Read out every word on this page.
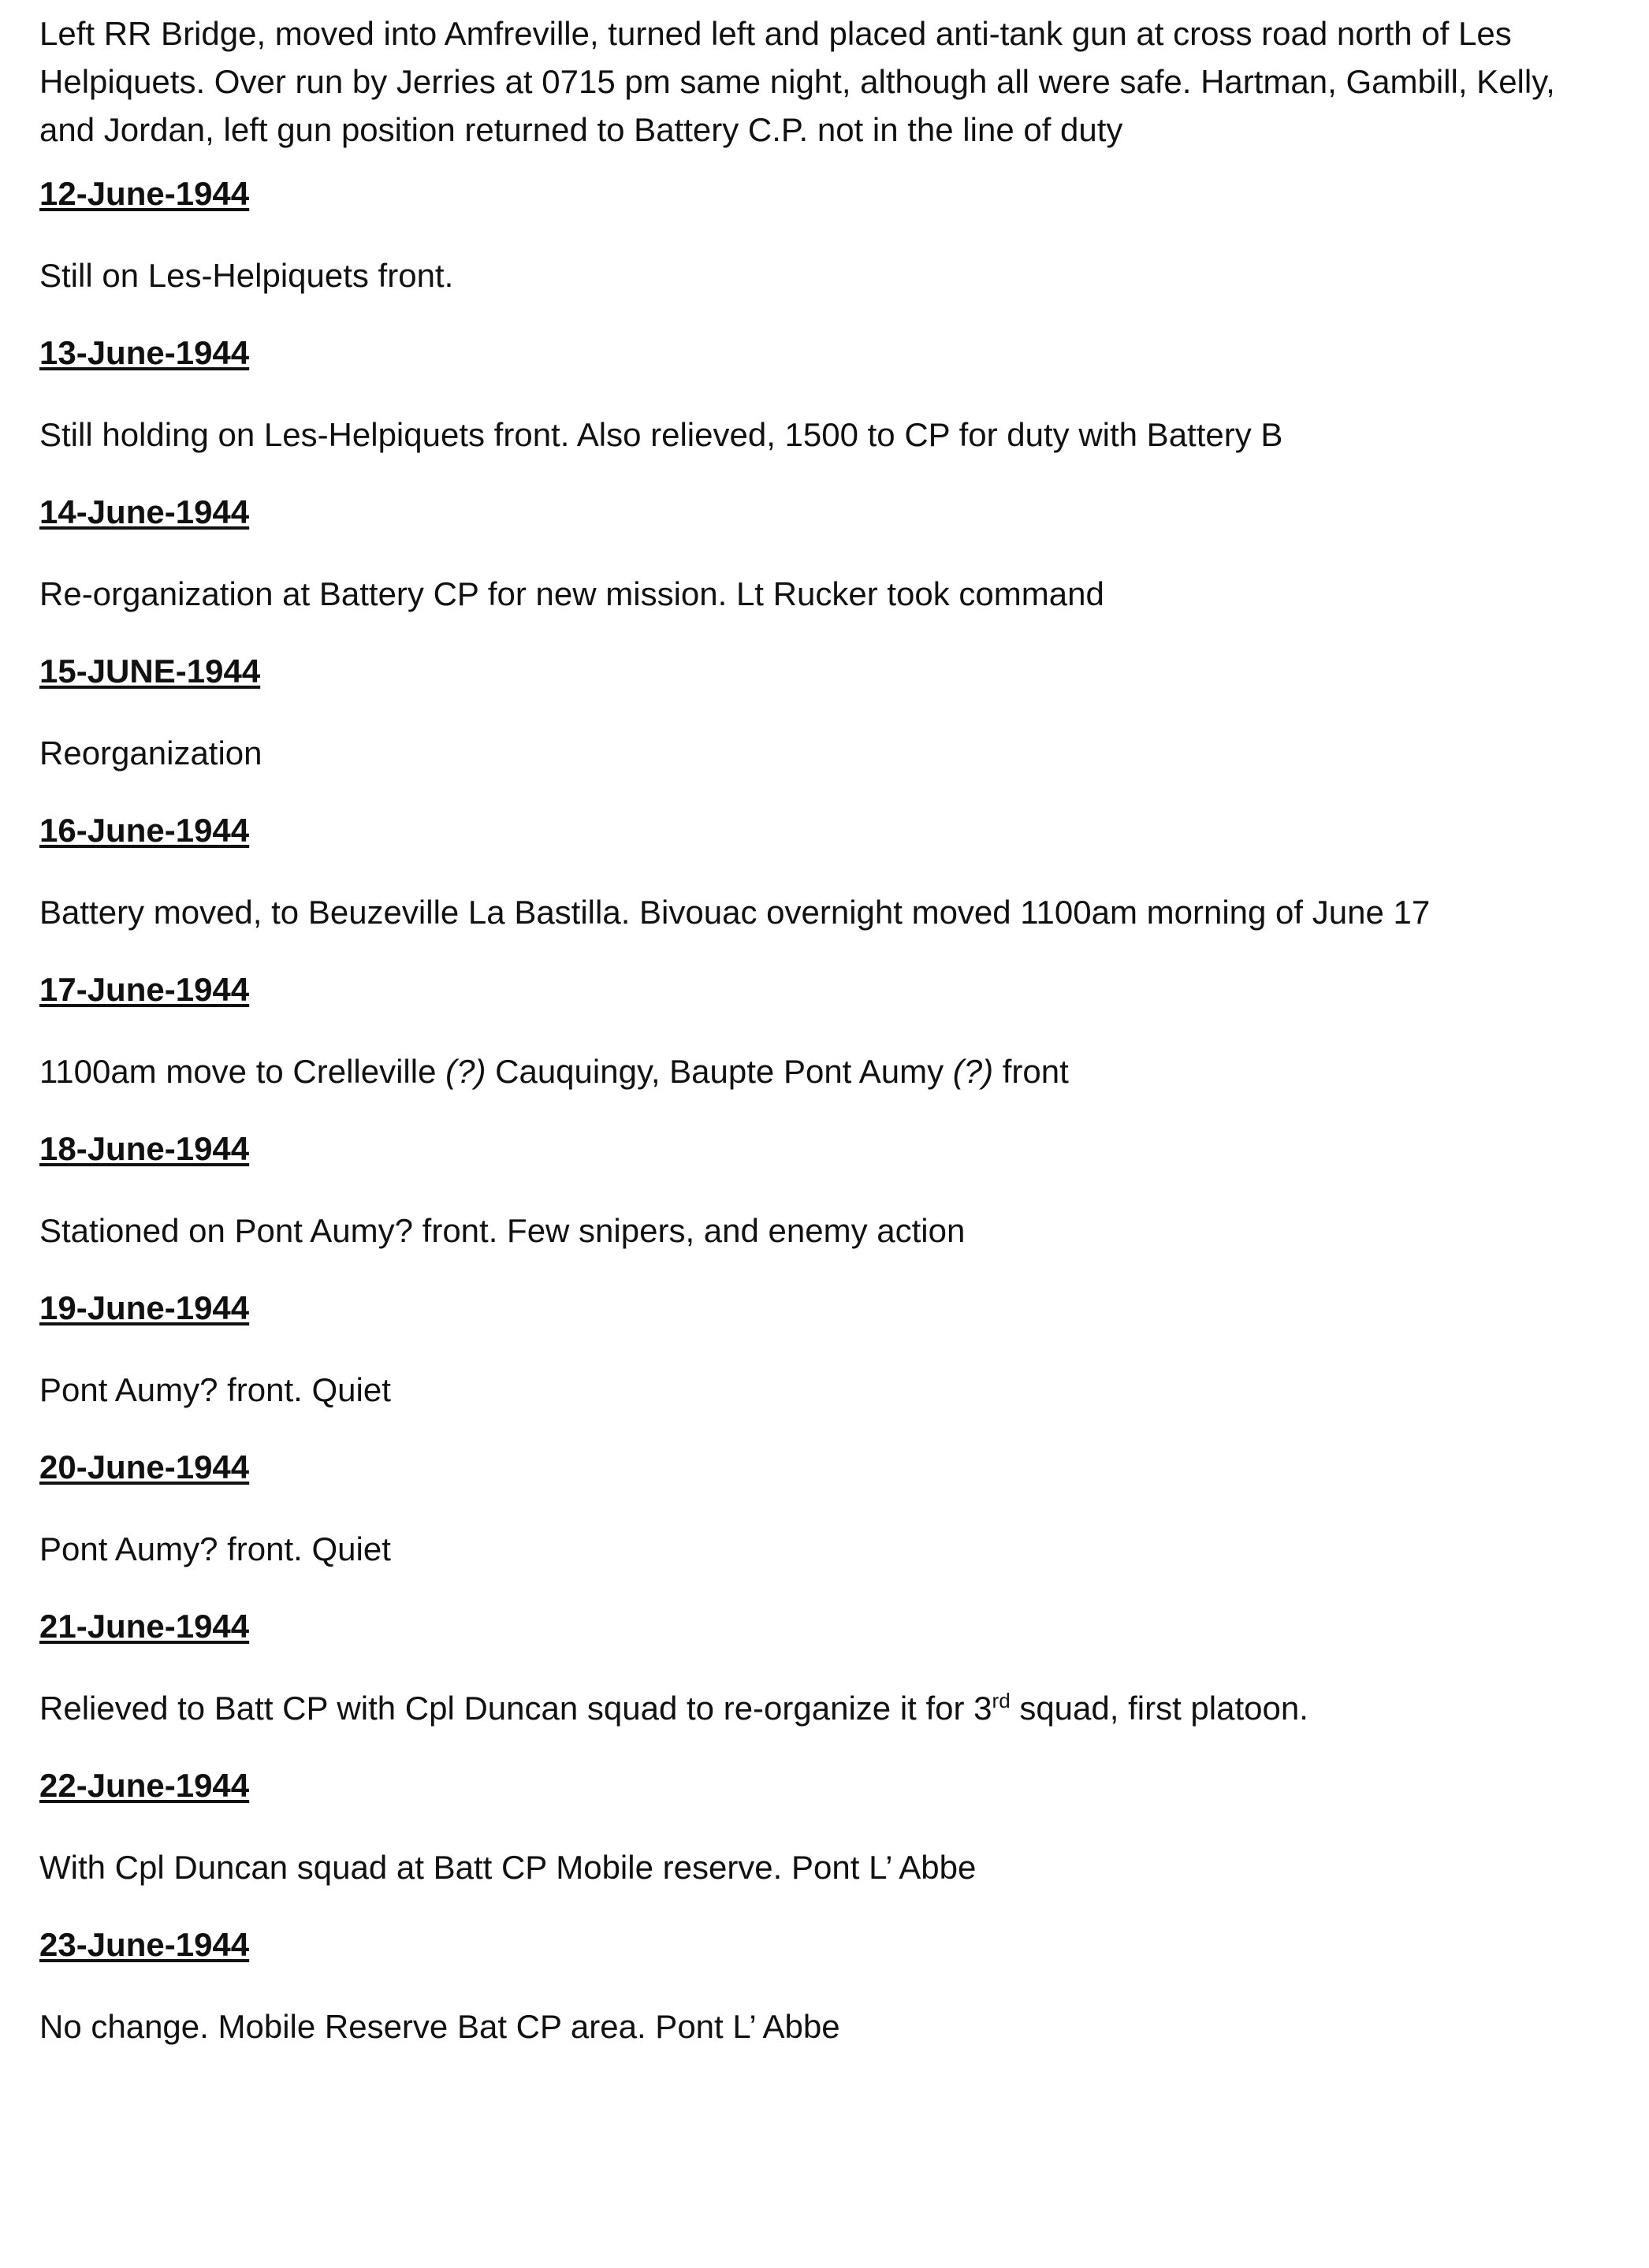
Left RR Bridge, moved into Amfreville, turned left and placed anti-tank gun at cross road north of Les Helpiquets. Over run by Jerries at 0715 pm same night, although all were safe. Hartman, Gambill, Kelly, and Jordan, left gun position returned to Battery C.P. not in the line of duty

12-June-1944

Still on Les-Helpiquets front.

13-June-1944

Still holding on Les-Helpiquets front. Also relieved, 1500 to CP for duty with Battery B

14-June-1944

Re-organization at Battery CP for new mission. Lt Rucker took command

15-JUNE-1944

Reorganization

16-June-1944

Battery moved, to Beuzeville La Bastilla. Bivouac overnight moved 1100am morning of June 17

17-June-1944

1100am move to Crelleville (?) Cauquingy, Baupte Pont Aumy (?) front

18-June-1944

Stationed on Pont Aumy? front. Few snipers, and enemy action

19-June-1944

Pont Aumy? front. Quiet

20-June-1944

Pont Aumy? front. Quiet

21-June-1944

Relieved to Batt CP with Cpl Duncan squad to re-organize it for 3rd squad, first platoon.

22-June-1944

With Cpl Duncan squad at Batt CP Mobile reserve. Pont L’ Abbe

23-June-1944

No change. Mobile Reserve Bat CP area. Pont L’ Abbe
